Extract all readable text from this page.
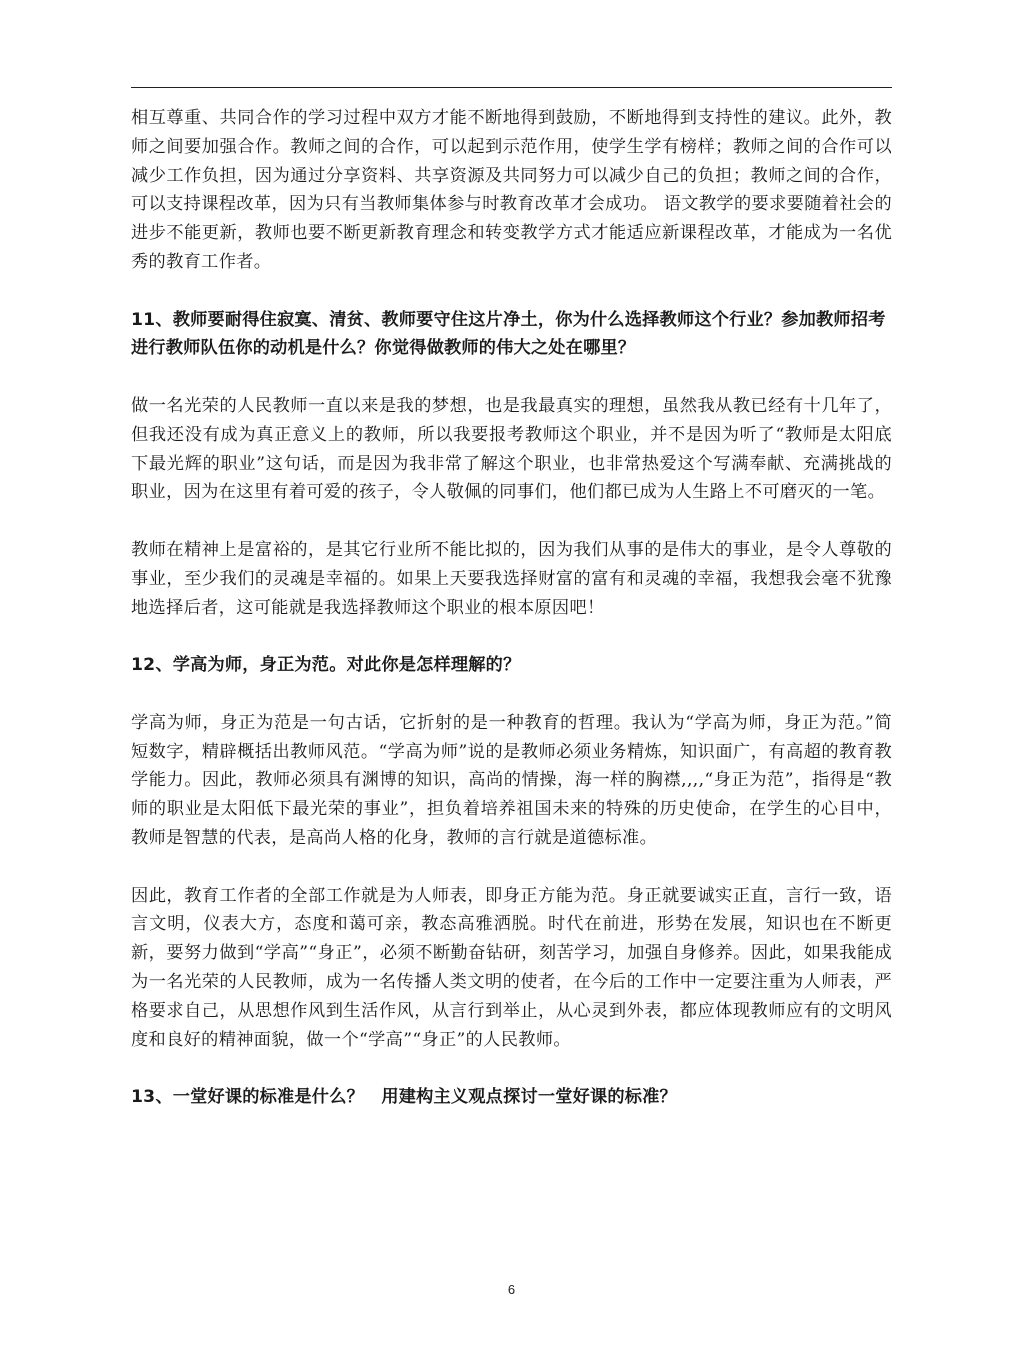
相互尊重、共同合作的学习过程中双方才能不断地得到鼓励，不断地得到支持性的建议。此外，教师之间要加强合作。教师之间的合作，可以起到示范作用，使学生学有榜样；教师之间的合作可以减少工作负担，因为通过分享资料、共享资源及共同努力可以减少自己的负担；教师之间的合作，可以支持课程改革，因为只有当教师集体参与时教育改革才会成功。 语文教学的要求要随着社会的进步不能更新，教师也要不断更新教育理念和转变教学方式才能适应新课程改革，才能成为一名优秀的教育工作者。

11、教师要耐得住寂寞、清贫、教师要守住这片净土，你为什么选择教师这个行业？参加教师招考进行教师队伍你的动机是什么？你觉得做教师的伟大之处在哪里？

做一名光荣的人民教师一直以来是我的梦想，也是我最真实的理想，虽然我从教已经有十几年了，但我还没有成为真正意义上的教师，所以我要报考教师这个职业，并不是因为听了“教师是太阳底下最光辉的职业”这句话，而是因为我非常了解这个职业，也非常热爱这个写满奉献、充满挑战的职业，因为在这里有着可爱的孩子，令人敬佩的同事们，他们都已成为人生路上不可磨灭的一笔。

教师在精神上是富裕的，是其它行业所不能比拟的，因为我们从事的是伟大的事业，是令人尊敬的事业，至少我们的灵魂是幸福的。如果上天要我选择财富的富有和灵魂的幸福，我想我会毫不犹豫地选择后者，这可能就是我选择教师这个职业的根本原因吧！

12、学高为师，身正为范。对此你是怎样理解的？

学高为师，身正为范是一句古话，它折射的是一种教育的哲理。我认为“学高为师，身正为范。”简短数字，精辟概括出教师风范。“学高为师”说的是教师必须业务精炼，知识面广，有高超的教育教学能力。因此，教师必须具有渊博的知识，高尚的情操，海一样的胸襟,,,,“身正为范”，指得是“教师的职业是太阳低下最光荣的事业”，担负着培养祖国未来的特殊的历史使命，在学生的心目中，教师是智慧的代表，是高尚人格的化身，教师的言行就是道德标准。

因此，教育工作者的全部工作就是为人师表，即身正方能为范。身正就要诚实正直，言行一致，语言文明，仪表大方，态度和蔼可亲，教态高雅洒脱。时代在前进，形势在发展，知识也在不断更新，要努力做到“学高”“身正”，必须不断勤奋钻研，刻苦学习，加强自身修养。因此，如果我能成为一名光荣的人民教师，成为一名传播人类文明的使者，在今后的工作中一定要注重为人师表，严格要求自己，从思想作风到生活作风，从言行到举止，从心灵到外表，都应体现教师应有的文明风度和良好的精神面貌，做一个“学高”“身正”的人民教师。

13、一堂好课的标准是什么？　用建构主义观点探讨一堂好课的标准？

6
